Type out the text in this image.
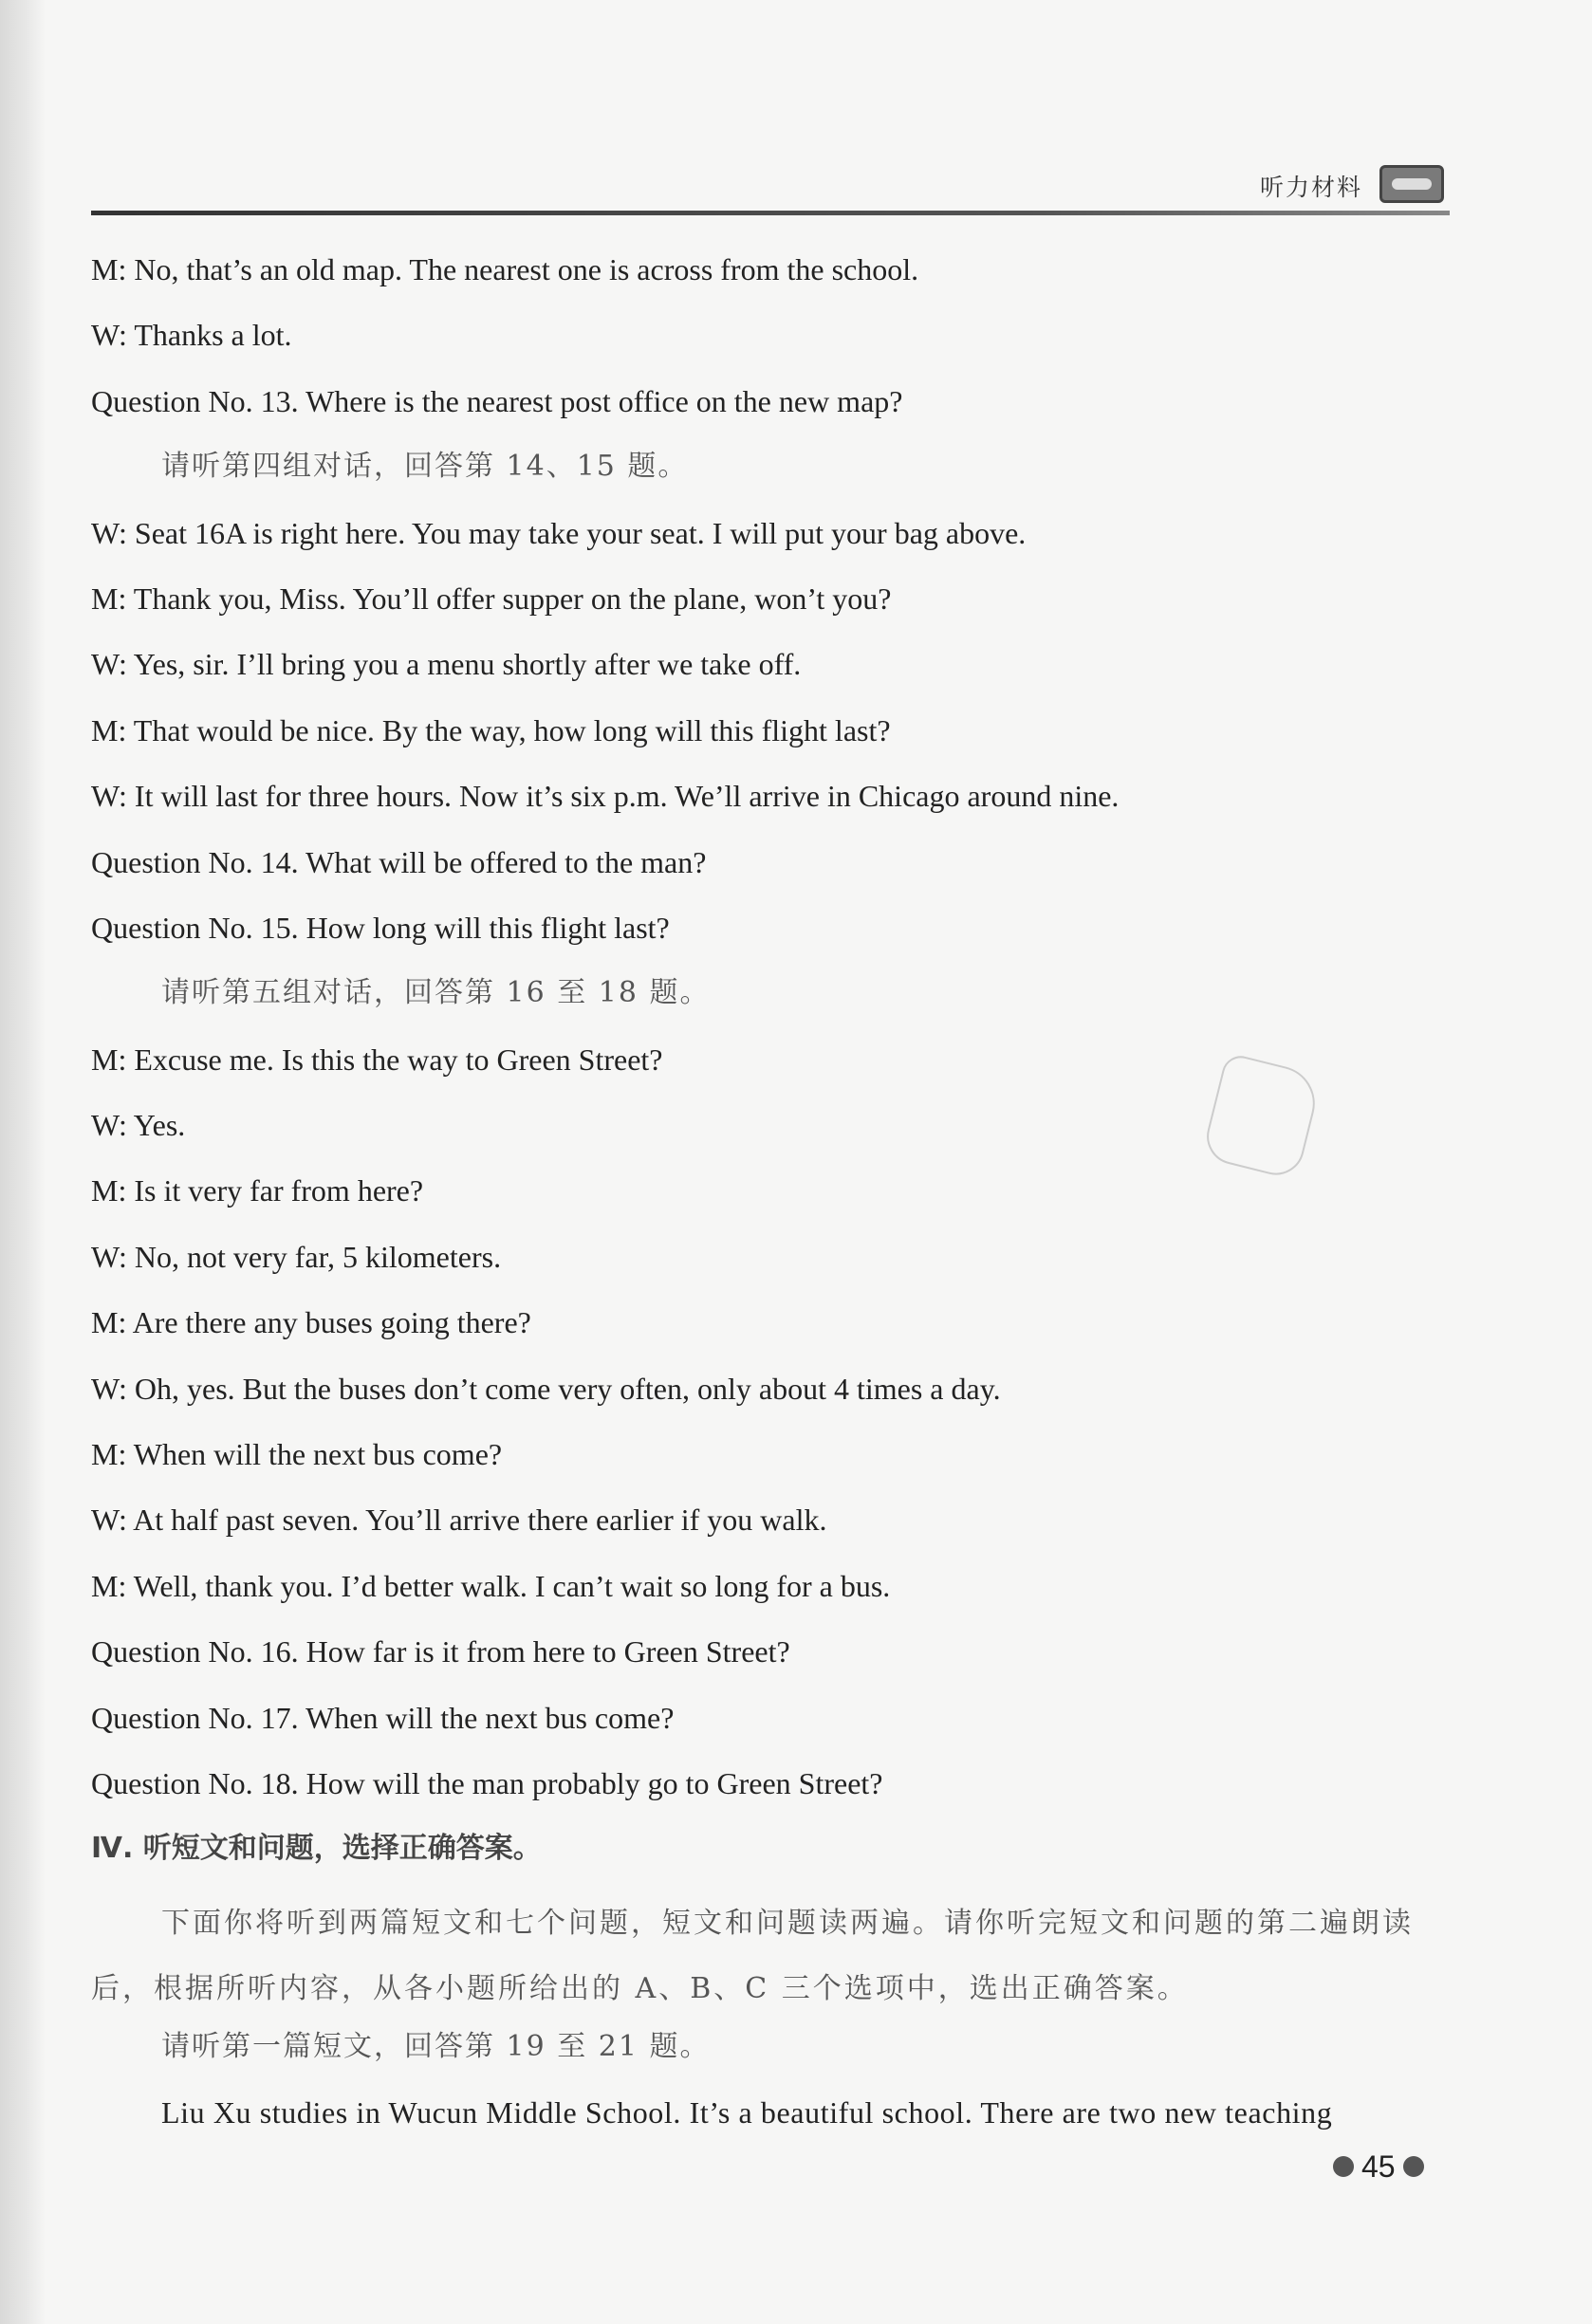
听力材料
M: No, that’s an old map. The nearest one is across from the school.
W: Thanks a lot.
Question No. 13. Where is the nearest post office on the new map?
请听第四组对话，回答第 14、15 题。
W: Seat 16A is right here. You may take your seat. I will put your bag above.
M: Thank you, Miss. You’ll offer supper on the plane, won’t you?
W: Yes, sir. I’ll bring you a menu shortly after we take off.
M: That would be nice. By the way, how long will this flight last?
W: It will last for three hours. Now it’s six p.m. We’ll arrive in Chicago around nine.
Question No. 14. What will be offered to the man?
Question No. 15. How long will this flight last?
请听第五组对话，回答第 16 至 18 题。
M: Excuse me. Is this the way to Green Street?
W: Yes.
M: Is it very far from here?
W: No, not very far, 5 kilometers.
M: Are there any buses going there?
W: Oh, yes. But the buses don’t come very often, only about 4 times a day.
M: When will the next bus come?
W: At half past seven. You’ll arrive there earlier if you walk.
M: Well, thank you. I’d better walk. I can’t wait so long for a bus.
Question No. 16. How far is it from here to Green Street?
Question No. 17. When will the next bus come?
Question No. 18. How will the man probably go to Green Street?
Ⅳ. 听短文和问题，选择正确答案。
下面你将听到两篇短文和七个问题，短文和问题读两遍。请你听完短文和问题的第二遍朗读后，根据所听内容，从各小题所给出的 A、B、C 三个选项中，选出正确答案。
请听第一篇短文，回答第 19 至 21 题。
Liu Xu studies in Wucun Middle School. It’s a beautiful school. There are two new teaching
45
